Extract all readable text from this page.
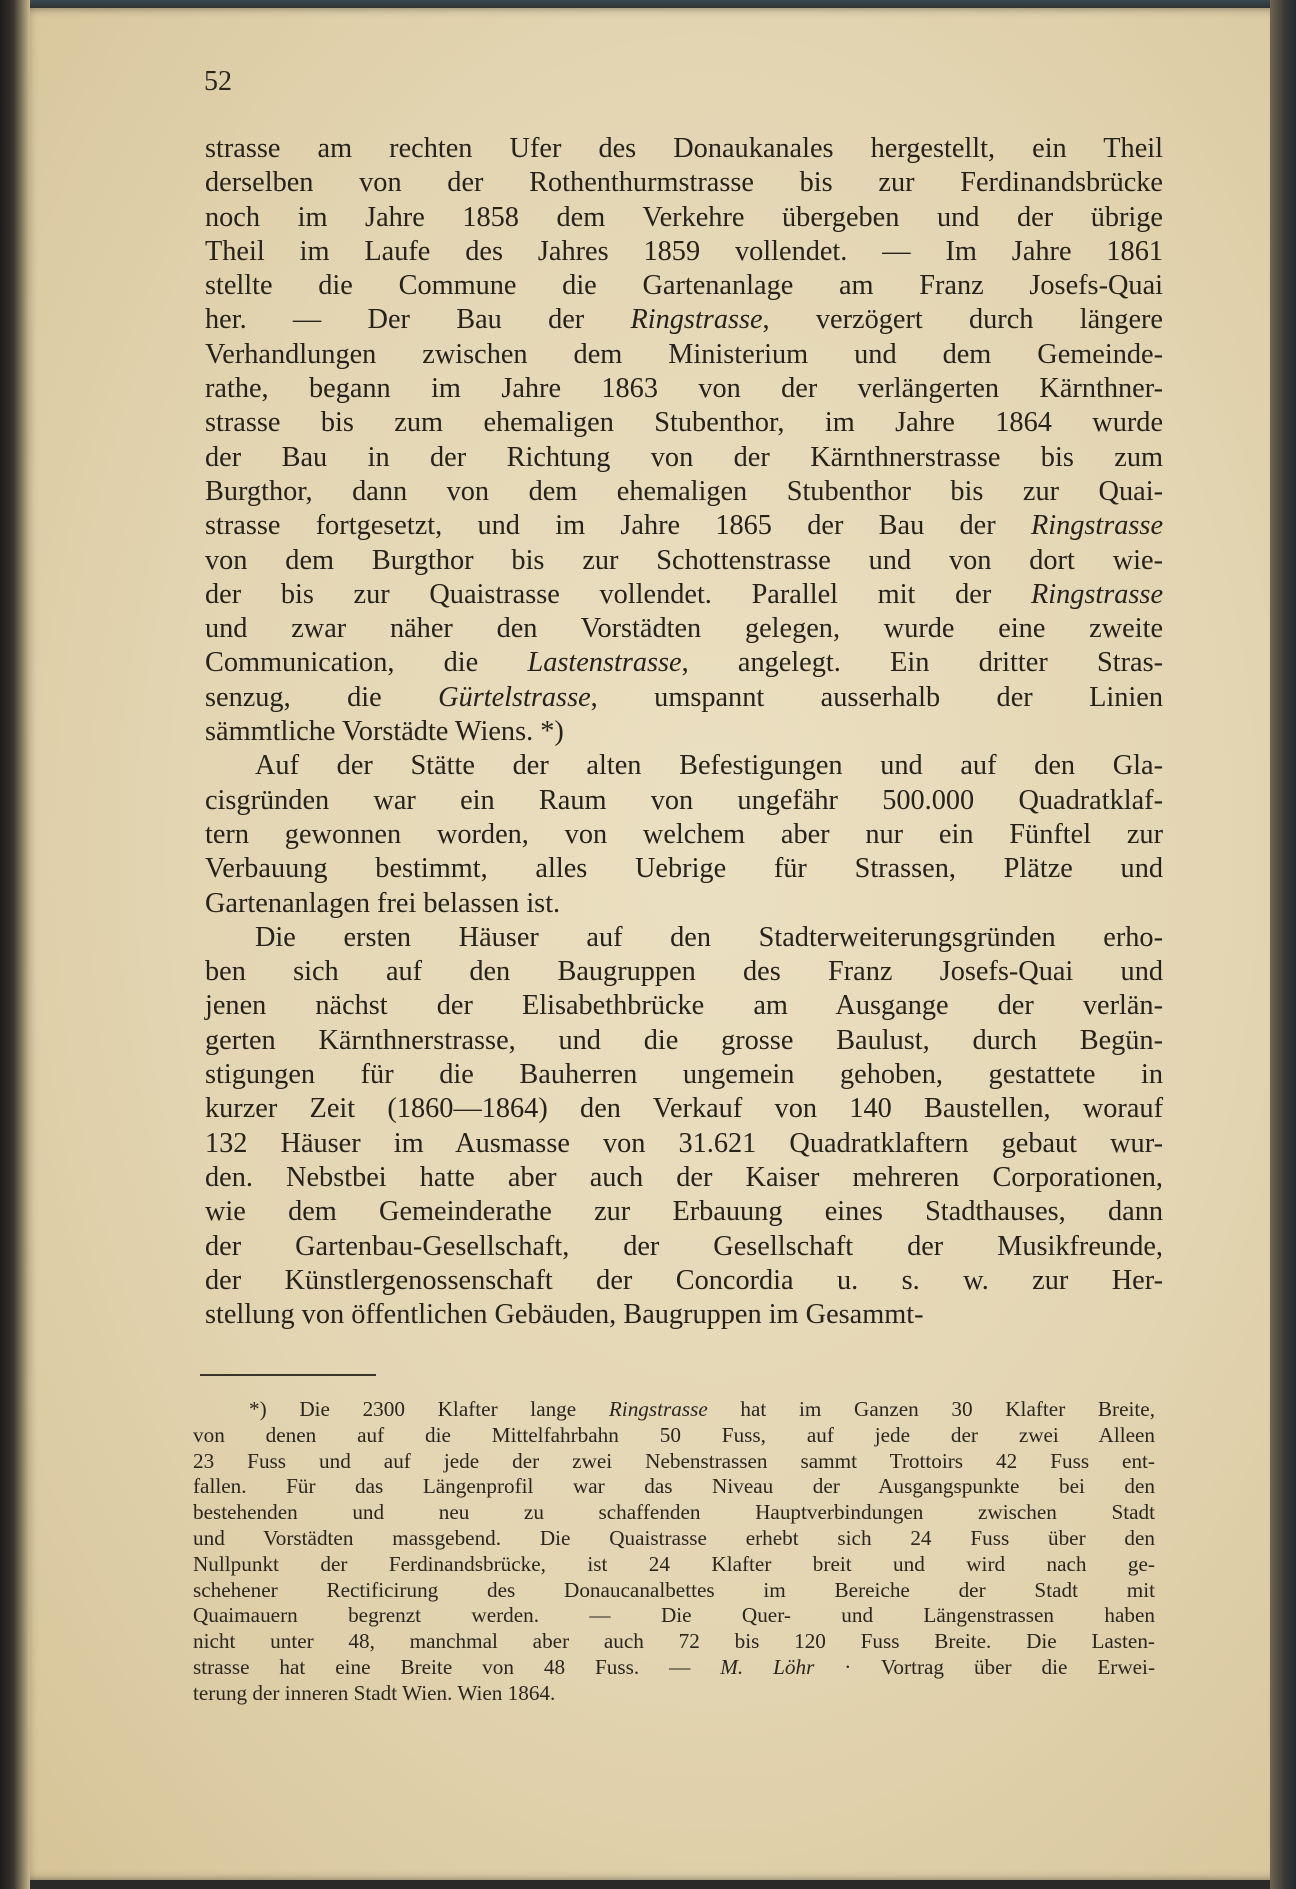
52

strasse am rechten Ufer des Donaukanales hergestellt, ein Theil
derselben von der Rothenthurmstrasse bis zur Ferdinandsbrücke
noch im Jahre 1858 dem Verkehre übergeben und der übrige
Theil im Laufe des Jahres 1859 vollendet. — Im Jahre 1861
stellte die Commune die Gartenanlage am Franz Josefs-Quai
her. — Der Bau der Ringstrasse, verzögert durch längere
Verhandlungen zwischen dem Ministerium und dem Gemeinde-
rathe, begann im Jahre 1863 von der verlängerten Kärnthner-
strasse bis zum ehemaligen Stubenthor, im Jahre 1864 wurde
der Bau in der Richtung von der Kärnthnerstrasse bis zum
Burgthor, dann von dem ehemaligen Stubenthor bis zur Quai-
strasse fortgesetzt, und im Jahre 1865 der Bau der Ringstrasse
von dem Burgthor bis zur Schottenstrasse und von dort wie-
der bis zur Quaistrasse vollendet. Parallel mit der Ringstrasse
und zwar näher den Vorstädten gelegen, wurde eine zweite
Communication, die Lastenstrasse, angelegt. Ein dritter Stras-
senzug, die Gürtelstrasse, umspannt ausserhalb der Linien
sämmtliche Vorstädte Wiens. *)

Auf der Stätte der alten Befestigungen und auf den Gla-
cisgründen war ein Raum von ungefähr 500.000 Quadratklaf-
tern gewonnen worden, von welchem aber nur ein Fünftel zur
Verbauung bestimmt, alles Uebrige für Strassen, Plätze und
Gartenanlagen frei belassen ist.

Die ersten Häuser auf den Stadterweiterungsgründen erho-
ben sich auf den Baugruppen des Franz Josefs-Quai und
jenen nächst der Elisabethbrücke am Ausgange der verlän-
gerten Kärnthnerstrasse, und die grosse Baulust, durch Begün-
stigungen für die Bauherren ungemein gehoben, gestattete in
kurzer Zeit (1860—1864) den Verkauf von 140 Baustellen, worauf
132 Häuser im Ausmasse von 31.621 Quadratklaftern gebaut wur-
den. Nebstbei hatte aber auch der Kaiser mehreren Corporationen,
wie dem Gemeinderathe zur Erbauung eines Stadthauses, dann
der Gartenbau-Gesellschaft, der Gesellschaft der Musikfreunde,
der Künstlergenossenschaft der Concordia u. s. w. zur Her-
stellung von öffentlichen Gebäuden, Baugruppen im Gesammt-

*) Die 2300 Klafter lange Ringstrasse hat im Ganzen 30 Klafter Breite,
von denen auf die Mittelfahrbahn 50 Fuss, auf jede der zwei Alleen
23 Fuss und auf jede der zwei Nebenstrassen sammt Trottoirs 42 Fuss ent-
fallen. Für das Längenprofil war das Niveau der Ausgangspunkte bei den
bestehenden und neu zu schaffenden Hauptverbindungen zwischen Stadt
und Vorstädten massgebend. Die Quaistrasse erhebt sich 24 Fuss über den
Nullpunkt der Ferdinandsbrücke, ist 24 Klafter breit und wird nach ge-
schehener Rectificirung des Donaucanalbettes im Bereiche der Stadt mit
Quaimauern begrenzt werden. — Die Quer- und Längenstrassen haben
nicht unter 48, manchmal aber auch 72 bis 120 Fuss Breite. Die Lasten-
strasse hat eine Breite von 48 Fuss. — M. Löhr · Vortrag über die Erwei-
terung der inneren Stadt Wien. Wien 1864.
